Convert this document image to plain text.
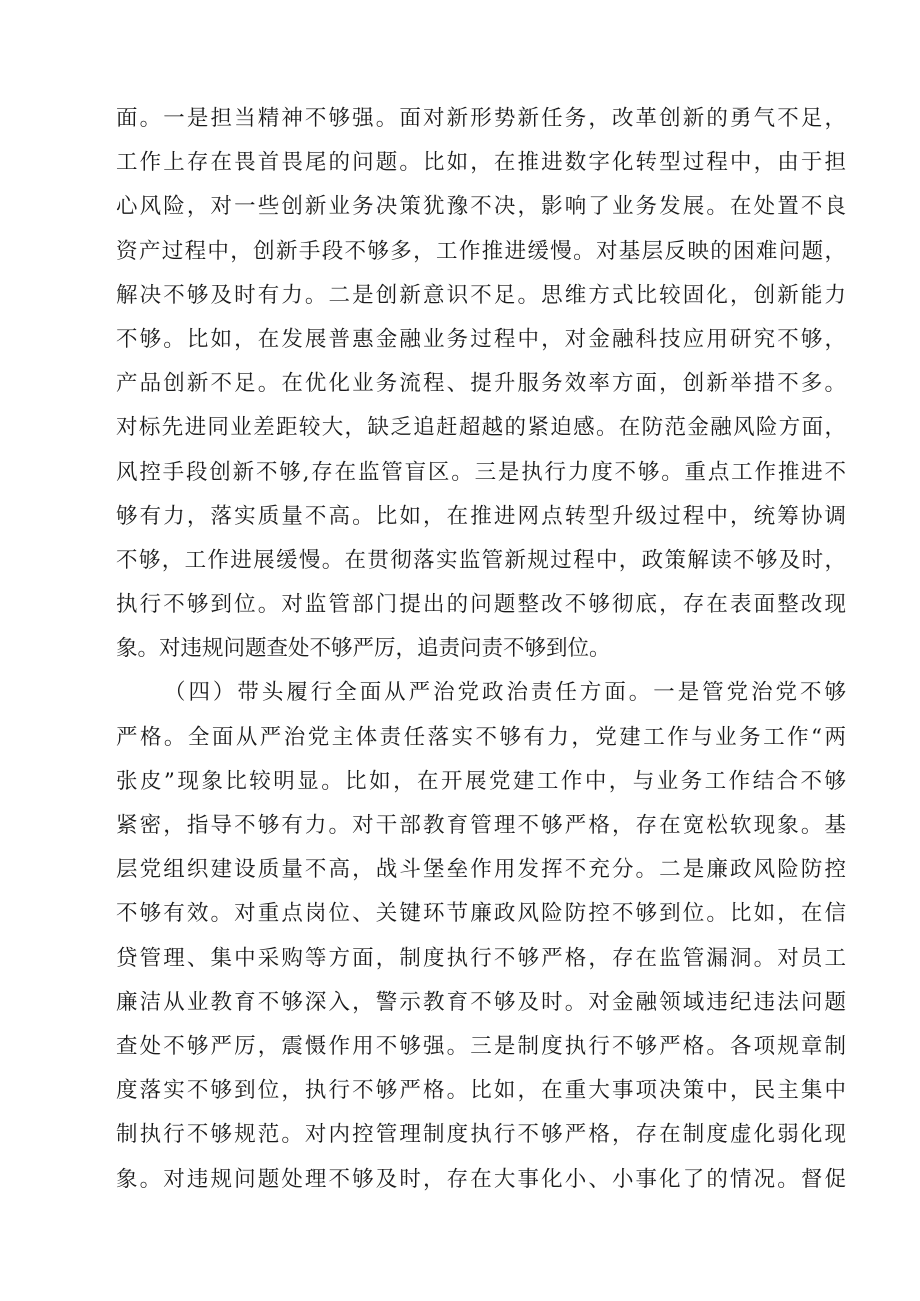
面。一是担当精神不够强。面对新形势新任务，改革创新的勇气不足，
工作上存在畏首畏尾的问题。比如，在推进数字化转型过程中，由于担
心风险，对一些创新业务决策犹豫不决，影响了业务发展。在处置不良
资产过程中，创新手段不够多，工作推进缓慢。对基层反映的困难问题，
解决不够及时有力。二是创新意识不足。思维方式比较固化，创新能力
不够。比如，在发展普惠金融业务过程中，对金融科技应用研究不够，
产品创新不足。在优化业务流程、提升服务效率方面，创新举措不多。
对标先进同业差距较大，缺乏追赶超越的紧迫感。在防范金融风险方面，
风控手段创新不够,存在监管盲区。三是执行力度不够。重点工作推进不
够有力，落实质量不高。比如，在推进网点转型升级过程中，统筹协调
不够，工作进展缓慢。在贯彻落实监管新规过程中，政策解读不够及时，
执行不够到位。对监管部门提出的问题整改不够彻底，存在表面整改现
象。对违规问题查处不够严厉，追责问责不够到位。
（四）带头履行全面从严治党政治责任方面。一是管党治党不够
严格。全面从严治党主体责任落实不够有力，党建工作与业务工作“两
张皮”现象比较明显。比如，在开展党建工作中，与业务工作结合不够
紧密，指导不够有力。对干部教育管理不够严格，存在宽松软现象。基
层党组织建设质量不高，战斗堡垒作用发挥不充分。二是廉政风险防控
不够有效。对重点岗位、关键环节廉政风险防控不够到位。比如，在信
贷管理、集中采购等方面，制度执行不够严格，存在监管漏洞。对员工
廉洁从业教育不够深入，警示教育不够及时。对金融领域违纪违法问题
查处不够严厉，震慑作用不够强。三是制度执行不够严格。各项规章制
度落实不够到位，执行不够严格。比如，在重大事项决策中，民主集中
制执行不够规范。对内控管理制度执行不够严格，存在制度虚化弱化现
象。对违规问题处理不够及时，存在大事化小、小事化了的情况。督促
